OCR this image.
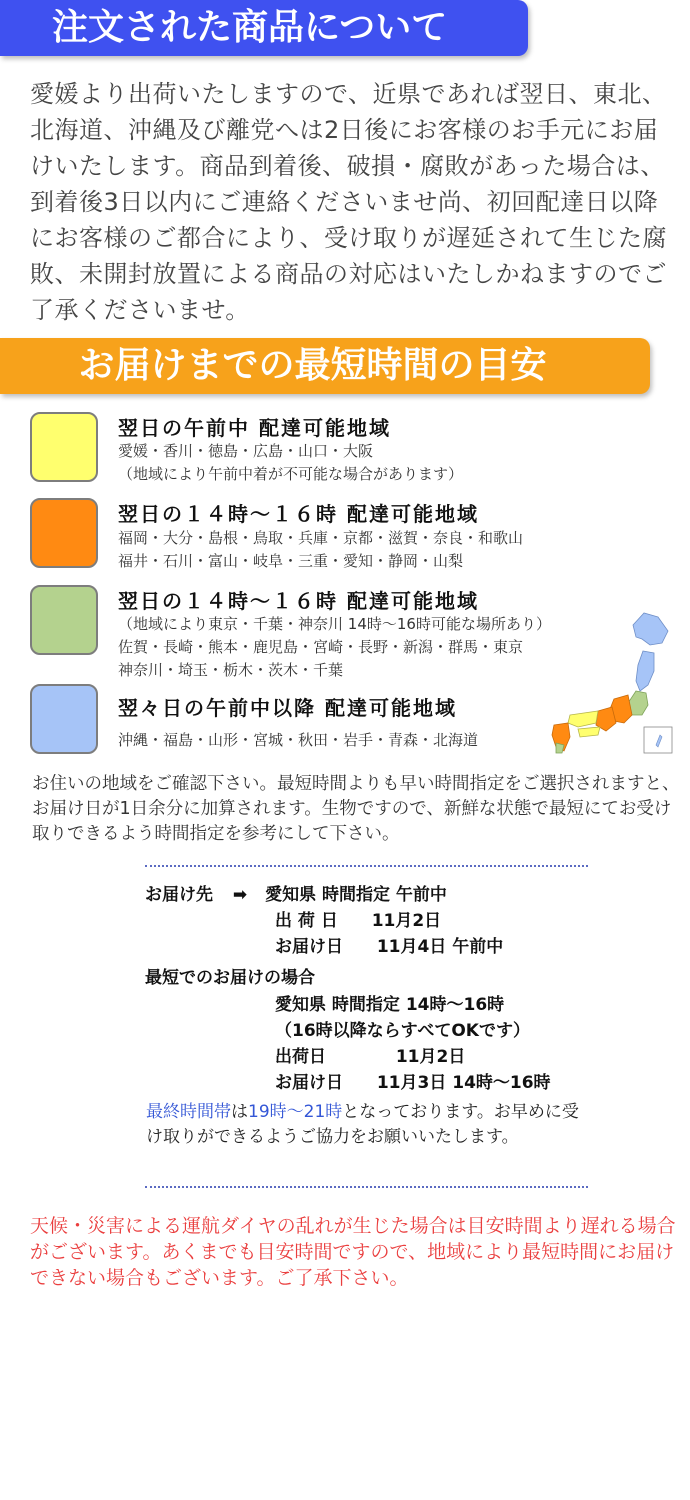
注文された商品について

愛媛より出荷いたしますので、近県であれば翌日、東北、北海道、沖縄及び離党へは2日後にお客様のお手元にお届けいたします。商品到着後、破損・腐敗があった場合は、到着後3日以内にご連絡くださいませ尚、初回配達日以降にお客様のご都合により、受け取りが遅延されて生じた腐敗、未開封放置による商品の対応はいたしかねますのでご了承くださいませ。

お届けまでの最短時間の目安
翌日の午前中 配達可能地域
愛媛・香川・徳島・広島・山口・大阪
（地域により午前中着が不可能な場合があります）
翌日の１４時～１６時 配達可能地域
福岡・大分・島根・鳥取・兵庫・京都・滋賀・奈良・和歌山
福井・石川・富山・岐阜・三重・愛知・静岡・山梨
翌日の１４時～１６時 配達可能地域
（地域により東京・千葉・神奈川 14時〜16時可能な場所あり）
佐賀・長崎・熊本・鹿児島・宮崎・長野・新潟・群馬・東京
神奈川・埼玉・栃木・茨木・千葉
翌々日の午前中以降 配達可能地域
沖縄・福島・山形・宮城・秋田・岩手・青森・北海道

お住いの地域をご確認下さい。最短時間よりも早い時間指定をご選択されますと、お届け日が1日余分に加算されます。生物ですので、新鮮な状態で最短にてお受け取りできるよう時間指定を参考にして下さい。

お届け先 ➡ 愛知県 時間指定 午前中
出 荷 日 11月2日
お届け日 11月4日 午前中
最短でのお届けの場合
愛知県 時間指定 14時〜16時
（16時以降ならすべてOKです）
出荷日	11月2日
お届け日 11月3日 14時〜16時

最終時間帯は19時〜21時となっております。お早めに受け取りができるようご協力をお願いいたします。

天候・災害による運航ダイヤの乱れが生じた場合は目安時間より遅れる場合がございます。あくまでも目安時間ですので、地域により最短時間にお届けできない場合もございます。ご了承下さい。
